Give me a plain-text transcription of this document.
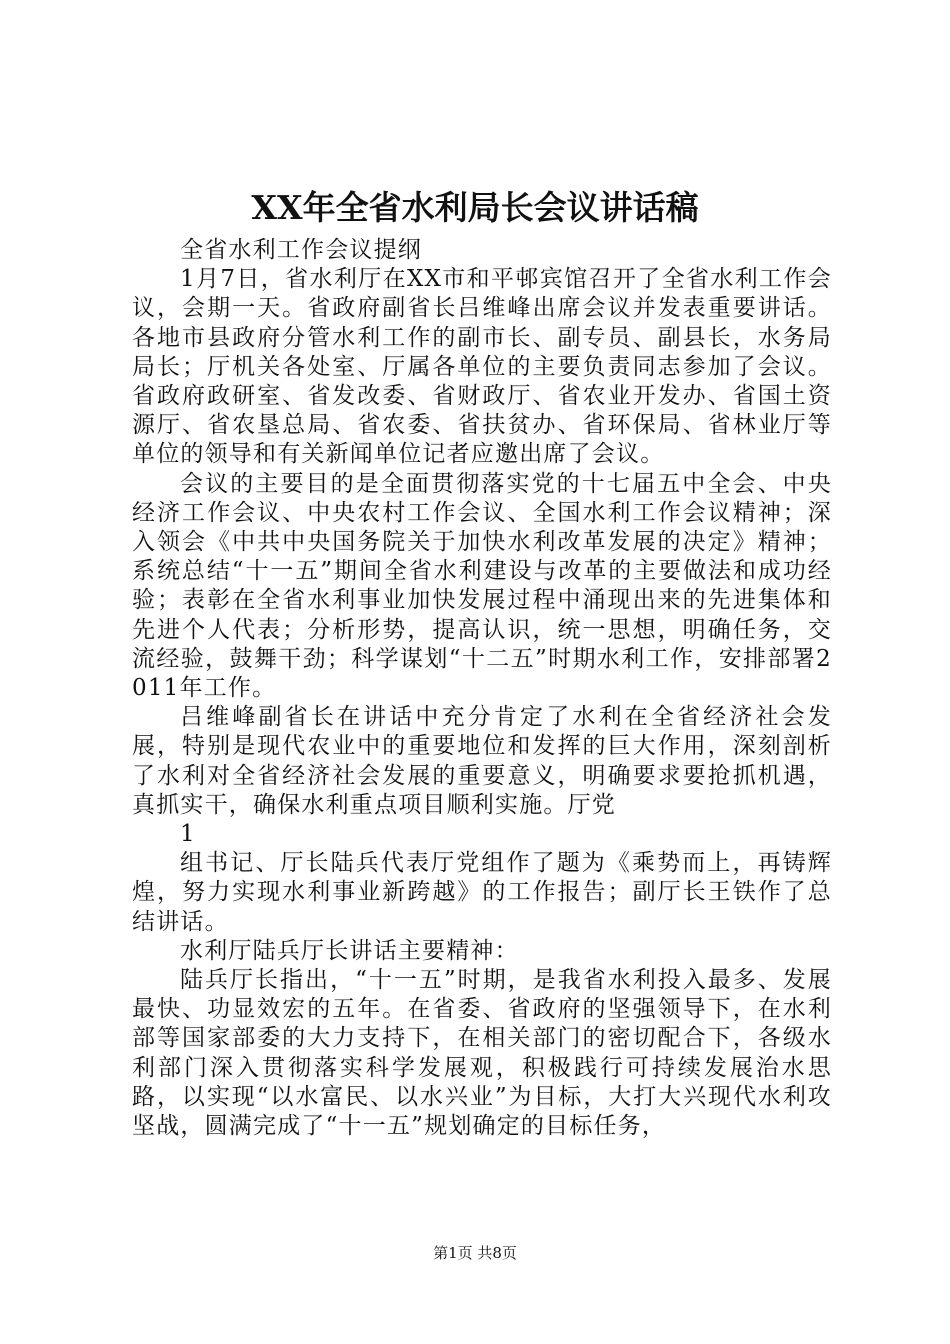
XX年全省水利局长会议讲话稿

全省水利工作会议提纲

1月7日，省水利厅在XX市和平邨宾馆召开了全省水利工作会议，会期一天。省政府副省长吕维峰出席会议并发表重要讲话。各地市县政府分管水利工作的副市长、副专员、副县长，水务局局长；厅机关各处室、厅属各单位的主要负责同志参加了会议。省政府政研室、省发改委、省财政厅、省农业开发办、省国土资源厅、省农垦总局、省农委、省扶贫办、省环保局、省林业厅等单位的领导和有关新闻单位记者应邀出席了会议。

会议的主要目的是全面贯彻落实党的十七届五中全会、中央经济工作会议、中央农村工作会议、全国水利工作会议精神；深入领会《中共中央国务院关于加快水利改革发展的决定》精神；系统总结“十一五”期间全省水利建设与改革的主要做法和成功经验；表彰在全省水利事业加快发展过程中涌现出来的先进集体和先进个人代表；分析形势，提高认识，统一思想，明确任务，交流经验，鼓舞干劲；科学谋划“十二五”时期水利工作，安排部署2011年工作。

吕维峰副省长在讲话中充分肯定了水利在全省经济社会发展，特别是现代农业中的重要地位和发挥的巨大作用，深刻剖析了水利对全省经济社会发展的重要意义，明确要求要抢抓机遇，真抓实干，确保水利重点项目顺利实施。厅党

1

组书记、厅长陆兵代表厅党组作了题为《乘势而上，再铸辉煌，努力实现水利事业新跨越》的工作报告；副厅长王铁作了总结讲话。

水利厅陆兵厅长讲话主要精神：

陆兵厅长指出，“十一五”时期，是我省水利投入最多、发展最快、功显效宏的五年。在省委、省政府的坚强领导下，在水利部等国家部委的大力支持下，在相关部门的密切配合下，各级水利部门深入贯彻落实科学发展观，积极践行可持续发展治水思路，以实现“以水富民、以水兴业”为目标，大打大兴现代水利攻坚战，圆满完成了“十一五”规划确定的目标任务，

第1页 共8页
